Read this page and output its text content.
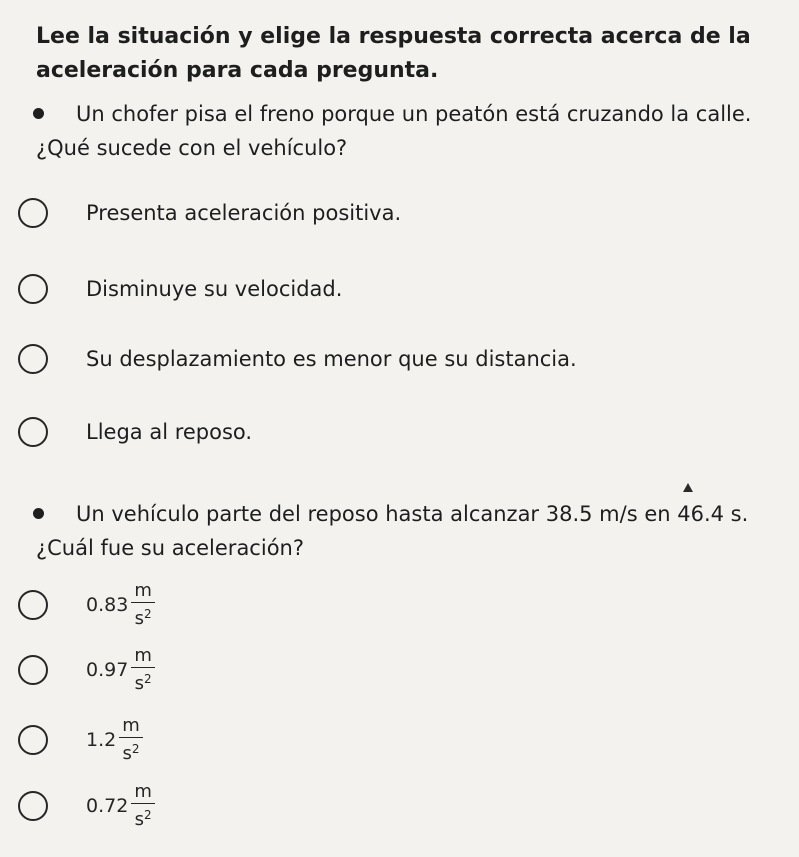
Lee la situación y elige la respuesta correcta acerca de la aceleración para cada pregunta.

Un chofer pisa el freno porque un peatón está cruzando la calle. ¿Qué sucede con el vehículo?
Presenta aceleración positiva.
Disminuye su velocidad.
Su desplazamiento es menor que su distancia.
Llega al reposo.
Un vehículo parte del reposo hasta alcanzar 38.5 m/s en 46.4 s. ¿Cuál fue su aceleración?
$0.83 \frac{m}{s^2}$
$0.97 \frac{m}{s^2}$
$1.2 \frac{m}{s^2}$
$0.72 \frac{m}{s^2}$
